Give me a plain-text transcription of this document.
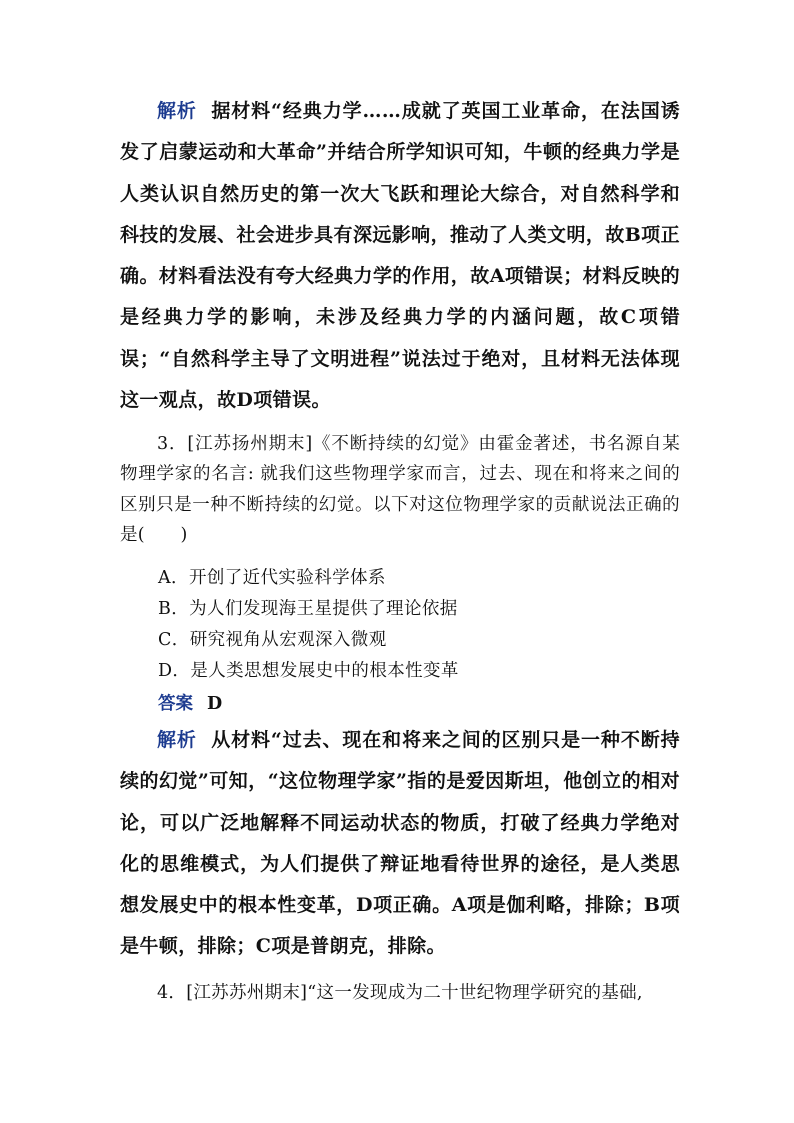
解析 据材料“经典力学……成就了英国工业革命，在法国诱发了启蒙运动和大革命”并结合所学知识可知，牛顿的经典力学是人类认识自然历史的第一次大飞跃和理论大综合，对自然科学和科技的发展、社会进步具有深远影响，推动了人类文明，故B项正确。材料看法没有夸大经典力学的作用，故A项错误；材料反映的是经典力学的影响，未涉及经典力学的内涵问题，故C项错误；“自然科学主导了文明进程”说法过于绝对，且材料无法体现这一观点，故D项错误。

3．[江苏扬州期末]《不断持续的幻觉》由霍金著述，书名源自某物理学家的名言: 就我们这些物理学家而言，过去、现在和将来之间的区别只是一种不断持续的幻觉。以下对这位物理学家的贡献说法正确的是(　　)

A．开创了近代实验科学体系
B．为人们发现海王星提供了理论依据
C．研究视角从宏观深入微观
D．是人类思想发展史中的根本性变革
答案 D

解析 从材料“过去、现在和将来之间的区别只是一种不断持续的幻觉”可知，“这位物理学家”指的是爱因斯坦，他创立的相对论，可以广泛地解释不同运动状态的物质，打破了经典力学绝对化的思维模式，为人们提供了辩证地看待世界的途径，是人类思想发展史中的根本性变革，D项正确。A项是伽利略，排除；B项是牛顿，排除；C项是普朗克，排除。

4．[江苏苏州期末]“这一发现成为二十世纪物理学研究的基础,
